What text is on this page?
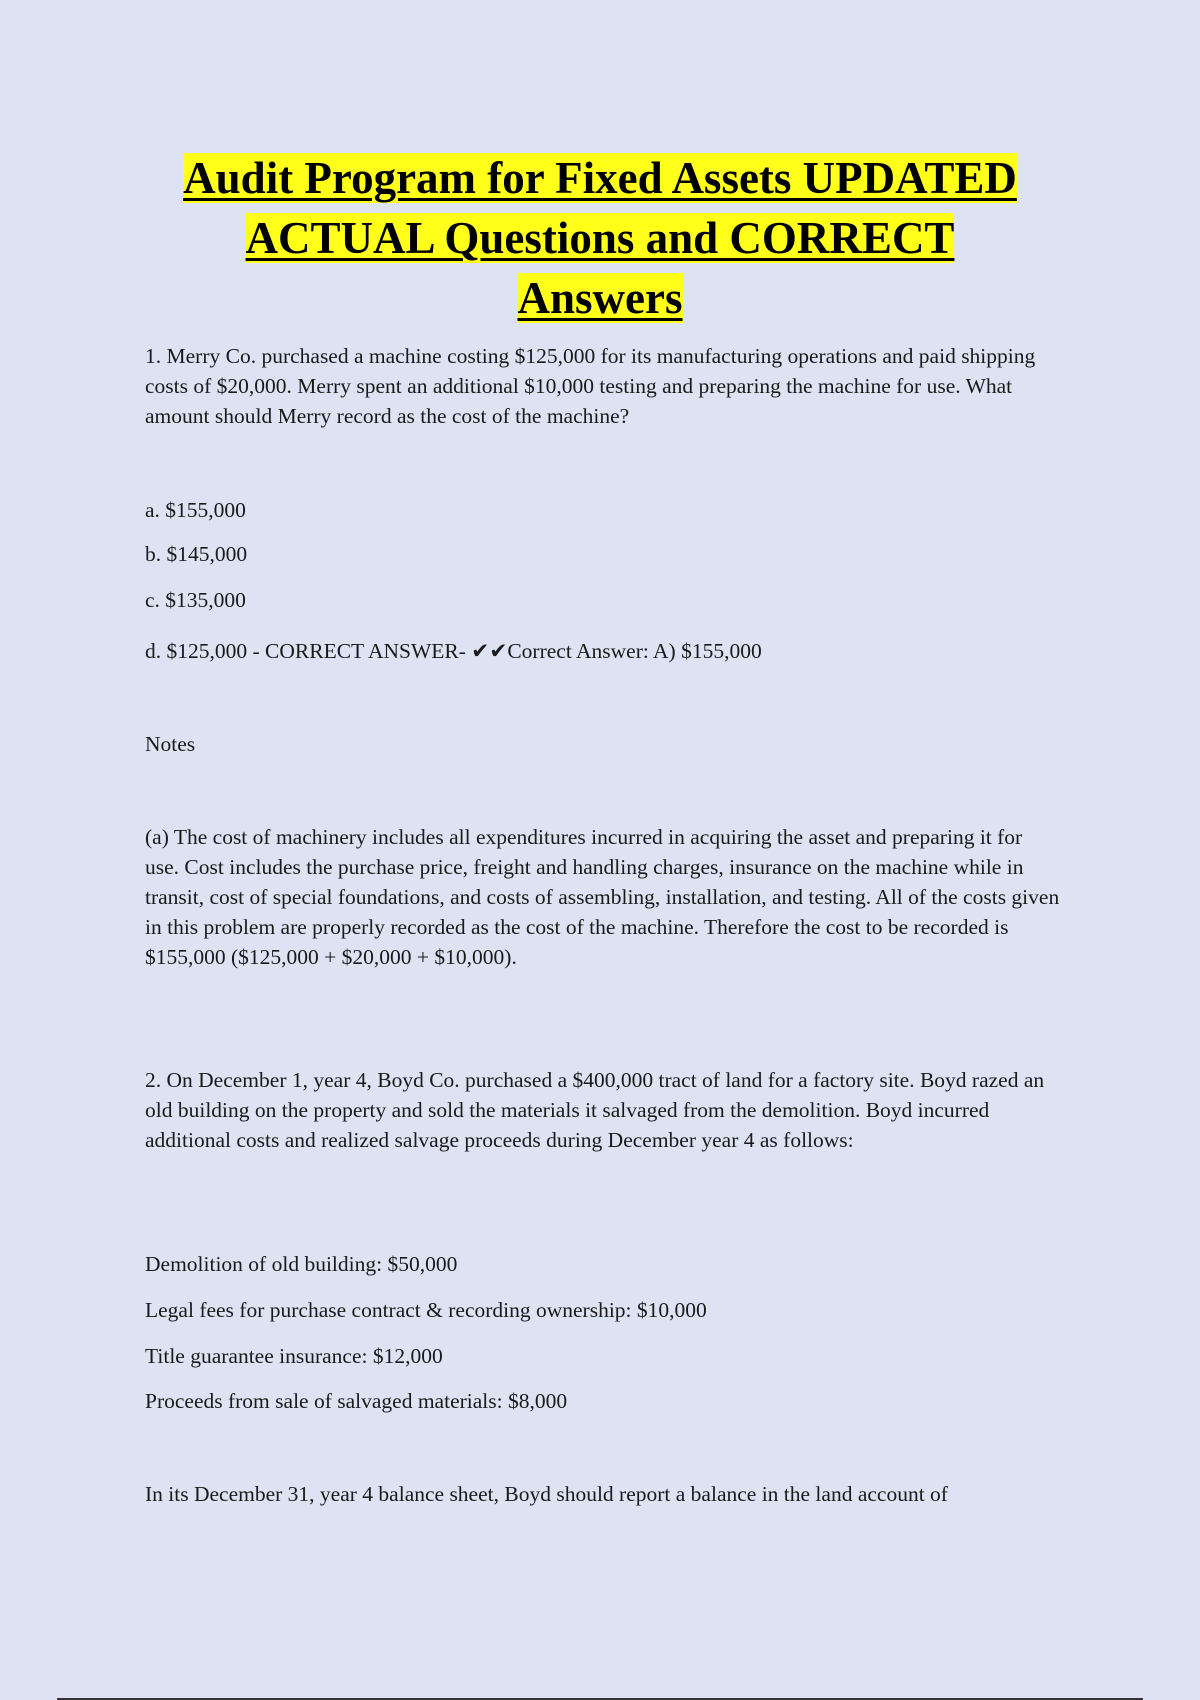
Audit Program for Fixed Assets UPDATED
ACTUAL Questions and CORRECT
Answers

1. Merry Co. purchased a machine costing $125,000 for its manufacturing operations and paid shipping costs of $20,000. Merry spent an additional $10,000 testing and preparing the machine for use. What amount should Merry record as the cost of the machine?

a. $155,000

b. $145,000

c. $135,000

d. $125,000 - CORRECT ANSWER- ✔✔Correct Answer: A) $155,000

Notes

(a) The cost of machinery includes all expenditures incurred in acquiring the asset and preparing it for use. Cost includes the purchase price, freight and handling charges, insurance on the machine while in transit, cost of special foundations, and costs of assembling, installation, and testing. All of the costs given in this problem are properly recorded as the cost of the machine. Therefore the cost to be recorded is $155,000 ($125,000 + $20,000 + $10,000).

2. On December 1, year 4, Boyd Co. purchased a $400,000 tract of land for a factory site. Boyd razed an old building on the property and sold the materials it salvaged from the demolition. Boyd incurred additional costs and realized salvage proceeds during December year 4 as follows:

Demolition of old building: $50,000

Legal fees for purchase contract & recording ownership: $10,000

Title guarantee insurance: $12,000

Proceeds from sale of salvaged materials: $8,000

In its December 31, year 4 balance sheet, Boyd should report a balance in the land account of
